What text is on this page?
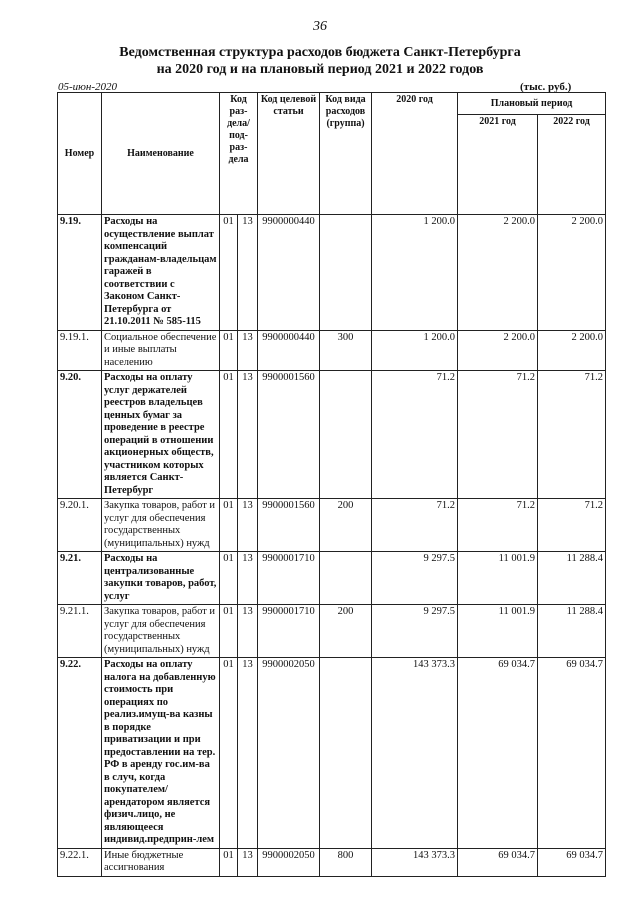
36
Ведомственная структура расходов бюджета Санкт-Петербурга
на 2020 год и на плановый период 2021 и 2022 годов
05-июн-2020	(тыс. руб.)
Номер	Наименование	Код раз-дела/ под-раз-дела		Код целевой статьи	Код вида расходов (группа)	2020 год	Плановый период	
							2021 год	2022 год
9.19.	Расходы на осуществление выплат компенсаций гражданам-владельцам гаражей в соответствии с Законом Санкт-Петербурга от 21.10.2011 № 585-115	01	13	9900000440		1 200.0	2 200.0	2 200.0
9.19.1.	Социальное обеспечение и иные выплаты населению	01	13	9900000440	300	1 200.0	2 200.0	2 200.0
9.20.	Расходы на оплату услуг держателей реестров владельцев ценных бумаг за проведение в реестре операций в отношении акционерных обществ, участником которых является Санкт-Петербург	01	13	9900001560		71.2	71.2	71.2
9.20.1.	Закупка товаров, работ и услуг для обеспечения государственных (муниципальных) нужд	01	13	9900001560	200	71.2	71.2	71.2
9.21.	Расходы на централизованные закупки товаров, работ, услуг	01	13	9900001710		9 297.5	11 001.9	11 288.4
9.21.1.	Закупка товаров, работ и услуг для обеспечения государственных (муниципальных) нужд	01	13	9900001710	200	9 297.5	11 001.9	11 288.4
9.22.	Расходы на оплату налога на добавленную стоимость при операциях по реализ.имущ-ва казны в порядке приватизации и при предоставлении на тер. РФ в аренду гос.им-ва в случ, когда покупателем/арендатором является физич.лицо, не являющееся индивид.предприн-лем	01	13	9900002050		143 373.3	69 034.7	69 034.7
9.22.1.	Иные бюджетные ассигнования	01	13	9900002050	800	143 373.3	69 034.7	69 034.7
